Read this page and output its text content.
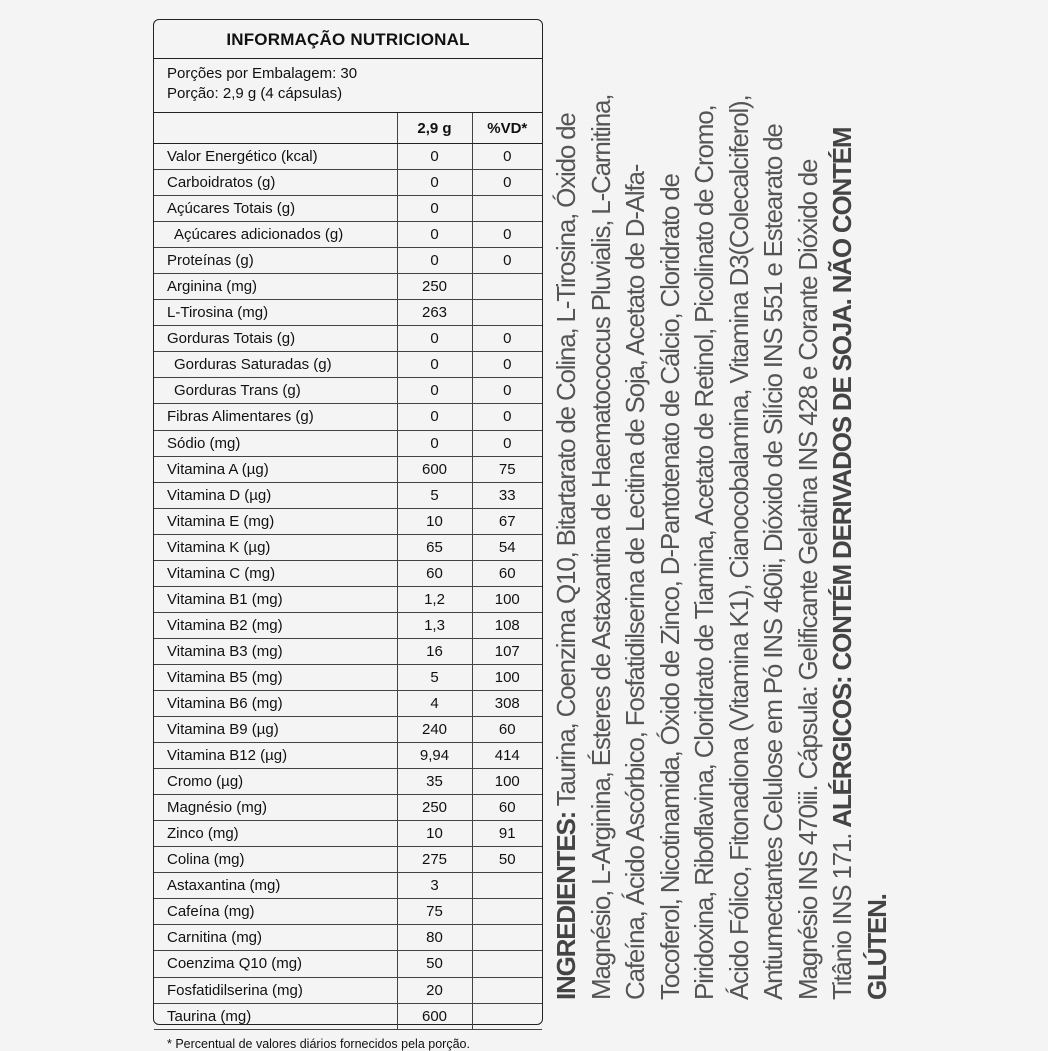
INFORMAÇÃO NUTRICIONAL
Porções por Embalagem: 30
Porção: 2,9 g (4 cápsulas)
	2,9 g	%VD*
Valor Energético (kcal)	0	0
Carboidratos (g)	0	0
Açúcares Totais (g)	0	
Açúcares adicionados (g)	0	0
Proteínas (g)	0	0
Arginina (mg)	250	
L-Tirosina (mg)	263	
Gorduras Totais (g)	0	0
Gorduras Saturadas (g)	0	0
Gorduras Trans (g)	0	0
Fibras Alimentares (g)	0	0
Sódio (mg)	0	0
Vitamina A (µg)	600	75
Vitamina D (µg)	5	33
Vitamina E (mg)	10	67
Vitamina K (µg)	65	54
Vitamina C (mg)	60	60
Vitamina B1 (mg)	1,2	100
Vitamina B2 (mg)	1,3	108
Vitamina B3 (mg)	16	107
Vitamina B5 (mg)	5	100
Vitamina B6 (mg)	4	308
Vitamina B9 (µg)	240	60
Vitamina B12 (µg)	9,94	414
Cromo (µg)	35	100
Magnésio (mg)	250	60
Zinco (mg)	10	91
Colina (mg)	275	50
Astaxantina (mg)	3	
Cafeína (mg)	75	
Carnitina (mg)	80	
Coenzima Q10 (mg)	50	
Fosfatidilserina (mg)	20	
Taurina (mg)	600	
* Percentual de valores diários fornecidos pela porção.
INGREDIENTES: Taurina, Coenzima Q10, Bitartarato de Colina, L-Tirosina, Óxido de Magnésio, L-Arginina, Ésteres de Astaxantina de Haematococcus Pluvialis, L-Carnitina, Cafeína, Ácido Ascórbico, Fosfatidilserina de Lecitina de Soja, Acetato de D-Alfa-Tocoferol, Nicotinamida, Óxido de Zinco, D-Pantotenato de Cálcio, Cloridrato de Piridoxina, Riboflavina, Cloridrato de Tiamina, Acetato de Retinol, Picolinato de Cromo, Ácido Fólico, Fitonadiona (Vitamina K1), Cianocobalamina, Vitamina D3(Colecalciferol), Antiumectantes Celulose em Pó INS 460ii, Dióxido de Silício INS 551 e Estearato de Magnésio INS 470iii. Cápsula: Gelificante Gelatina INS 428 e Corante Dióxido de Titânio INS 171. ALÉRGICOS: CONTÉM DERIVADOS DE SOJA. NÃO CONTÉM GLÚTEN.
